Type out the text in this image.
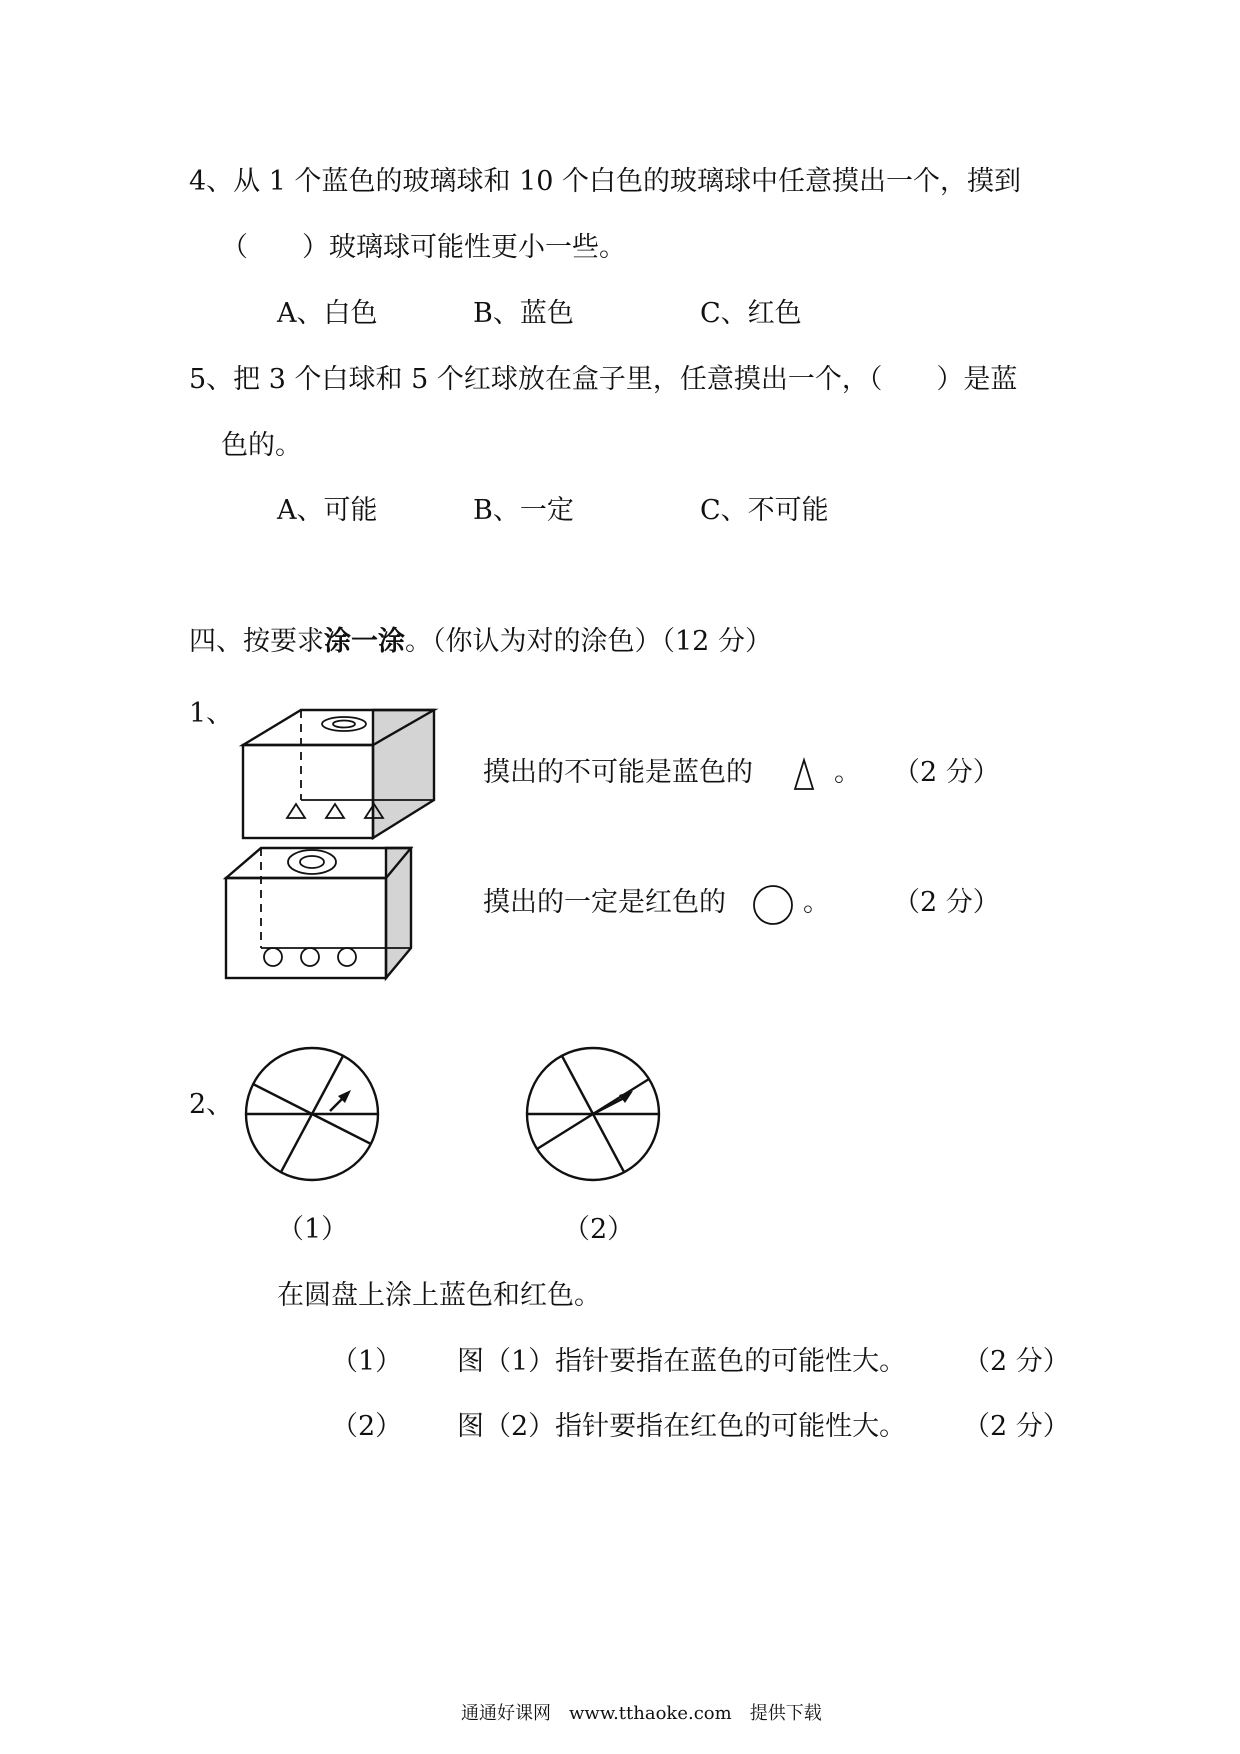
4、从 1 个蓝色的玻璃球和 10 个白色的玻璃球中任意摸出一个，摸到
（　　）玻璃球可能性更小一些。
A、白色	B、蓝色	C、红色
5、把 3 个白球和 5 个红球放在盒子里，任意摸出一个，（　　）是蓝
色的。
A、可能	B、一定	C、不可能
四、按要求涂一涂。（你认为对的涂色）（12 分）
1、
摸出的不可能是蓝色的	。 （2 分）
摸出的一定是红色的	。 （2 分）
2、
（1）	（2）
在圆盘上涂上蓝色和红色。
（1） 图（1）指针要指在蓝色的可能性大。 （2 分）
（2） 图（2）指针要指在红色的可能性大。 （2 分）
通通好课网　www.tthaoke.com　提供下载
